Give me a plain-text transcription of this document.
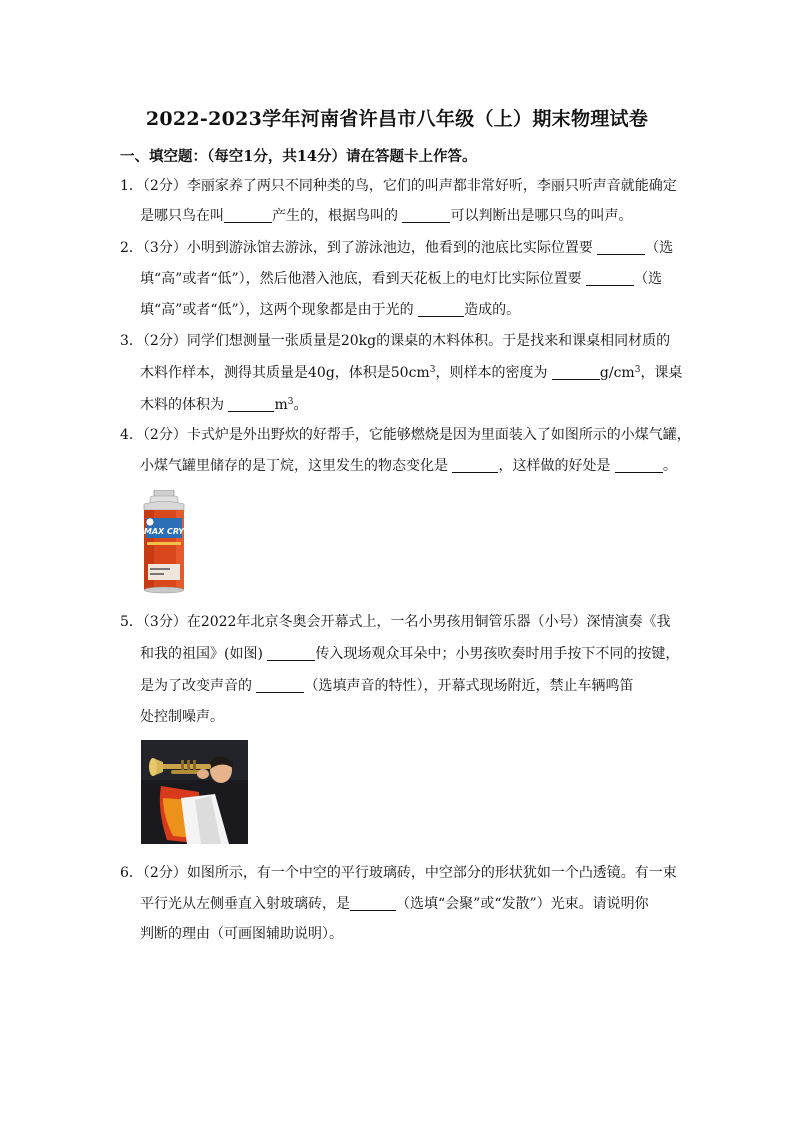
2022-2023学年河南省许昌市八年级（上）期末物理试卷
一、填空题：（每空1分，共14分）请在答题卡上作答。
1．（2分）李丽家养了两只不同种类的鸟，它们的叫声都非常好听，李丽只听声音就能确定
是哪只鸟在叫	产生的，根据鸟叫的	可以判断出是哪只鸟的叫声。
2．（3分）小明到游泳馆去游泳，到了游泳池边，他看到的池底比实际位置要	（选
填“高”或者“低”），然后他潜入池底，看到天花板上的电灯比实际位置要	（选
填“高”或者“低”），这两个现象都是由于光的	造成的。
3．（2分）同学们想测量一张质量是20kg的课桌的木料体积。于是找来和课桌相同材质的
木料作样本，测得其质量是40g，体积是$50cm^3$，则样本的密度为	$g/cm^3$，课桌
木料的体积为	$m^3$。
4．（2分）卡式炉是外出野炊的好帮手，它能够燃烧是因为里面装入了如图所示的小煤气罐，
小煤气罐里储存的是丁烷，这里发生的物态变化是	，这样做的好处是	。
MAX CRY
5．（3分）在2022年北京冬奥会开幕式上，一名小男孩用铜管乐器（小号）深情演奏《我
和我的祖国》(如图)	传入现场观众耳朵中；小男孩吹奏时用手按下不同的按键，
是为了改变声音的	（选填声音的特性），开幕式现场附近，禁止车辆鸣笛
处控制噪声。
6．（2分）如图所示，有一个中空的平行玻璃砖，中空部分的形状犹如一个凸透镜。有一束
平行光从左侧垂直入射玻璃砖，是	（选填“会聚”或“发散”）光束。请说明你
判断的理由（可画图辅助说明）。
